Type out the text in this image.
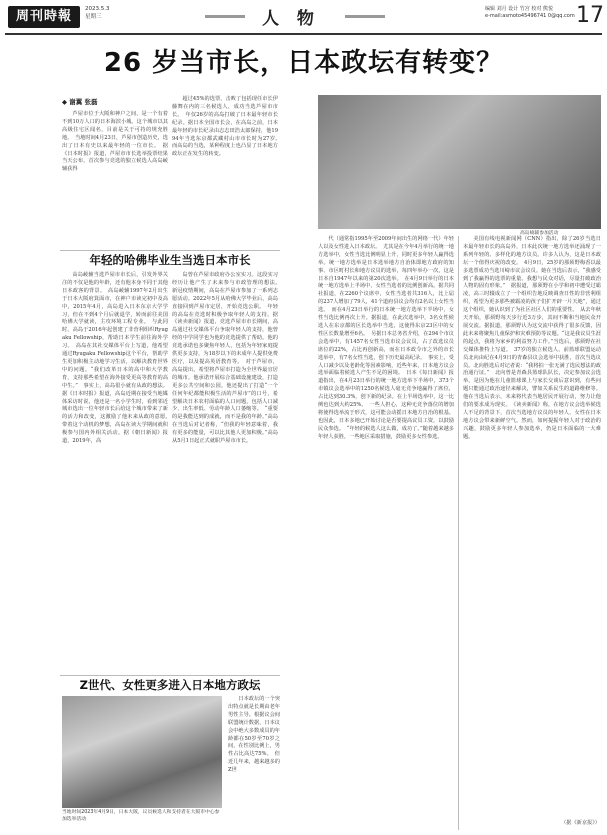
周刊時報	2023.5.3
星期三	人 物	编辑 刘月 设计 竹宫 校对 熊悦
e-mail:asmoto45496741 0@qq.com 17
26 岁当市长，日本政坛有转变？
◆ 谢翼 张磊

芦屋市位于大阪和神户之间，是一个有着不到10万人口的日本海滨小城。这个城市以其高级住宅区闻名，目前是关于可持的规充胜地。　当地时间4月23日，芦屋市创造历史，选出了日本有史以来最年轻的一位市长。　据《日本时报》报道，芦屋市市长选举投票结果当天公布，首次参与竞选的独立候选人高岛崚辅获得

超过45%的选票，击败了包括现任市长伊藤舞在内的三名候选人，成功当选芦屋市市长。　年仅26岁的高岛打破了日本最年轻市长纪录。据日本全国市长会，在高岛之前，日本最年轻的市长纪录由志志田浩太郎保持，他1994年当选东京都武藏村山市市长时为27岁。　而高岛的当选，某种程度上也凸显了日本地方政坛正在发生的转变。

高岛崚辅参加活动
年轻的哈佛毕业生当选日本市长

高岛崚辅当选芦屋市市长后，引发外界关注的不仅是他的年龄，还有他本身不同于其他日本政客的背景。　高岛崚辅1997年2月出生于日本大阪府箕面市，在神户市读完初中及高中，2015年4月，高岛进入日本东京大学学习，但在不到4个月后就退学，转而前往美国哈佛大学就读，主攻环境工程专业。　与此同时，高岛于2016年起创建了非营利组织Ryugaku Fellowship，帮助日本学生前往海外学习。　高岛在其社交媒体平台上写道，他希望通过Ryugaku Fellowship这个平台，帮助学生更加积极主动地学习生活，以解决教育世界中的问题。“我们改革日本的高中和大学教育，支持那些希望在海外接受更高等教育的高中生。”　事实上，高岛很小就有从政的想法。据《日本时报》报道，高岛近期在接受当地媒体采访时说，他还是一名小学生时，看到邻近城市选出一位年轻市长后给这个城市带来了新的活力和改变，这激励了他未来从政的意愿。　带着这个动机的梦想，高岛在读大学期间就积极参与国内外相关活动。据《朝日新闻》报道，2019年，高

岛曾在芦屋市政府办公室实习。这段实习经历让他产生了未来参与市政管理的想法。　新冠疫情期间，高岛在芦屋市参加了一系列志愿活动。2022年5月从哈佛大学毕业后，高岛直接回到芦屋市定居，开始竞选公职。　年轻的高岛在竞选时积极争取年轻人的支持。据《读卖新闻》报道，竞选芦屋市市长期间，高岛通过社交媒体平台争取年轻人的支持，他曾经的中学同学也为他的竞选提供了帮助。他的竞选承诺也多聚焦年轻人，包括为年轻家庭提供更多支持，为18岁以下的未成年人提供免费医疗，以及提高英语教育等。　对于芦屋市，高岛提出，希望将芦屋市打造为全世界最宜居的城市。他承诺开展综合基础设施建设，打造更多公共空间和公园。他还提出了打造“一个任何年纪都能积极生活的芦屋市”的口号，希望解决日本农村面临的人口问题，包括人口减少、出生率低、劳动年龄人口萎缩等。　“重要的是我能达到的成就，而不是我的年龄。”高岛在当选后对记者称，“但我的年轻意味着，我有更多的能量，可以比其他人更加积极。”高岛从5月1日起正式就职芦屋市市长。

Z世代、女性更多进入日本地方政坛
当地时间2023年4月9日，日本大阪，议员候选人和支持者在大阪市中心参加选举活动

日本政坛的一个突出特点就是长期由老年男性主导。根据议会间联盟统计数据，日本议会中绝大多数成员的年龄都在50岁至70岁之间，在性别比例上，男性占比高达75%。　但近几年来，越来越多的Z世

代（通常指1995年至2009年间出生的网络一代）年轻人以及女性进入日本政坛。　尤其是在今年4月举行的统一地方选举中，女性当选比例明显上升，同时更多年轻人赢得选举。统一地方选举是日本选举地方自治体即地方政府的知事、市区町村长和地方议员的选举，每四年举办一次，这是日本自1947年以来的第20次选举。　在4月9日举行的日本统一地方选举上半场中，女性当选者的比例创新高。据共同社报道，在2260个议席中，女性当选者共316人，比上届的237人增加了79人，41个道府县议会均有2名以上女性当选。　而在4月23日举行的日本统一地方选举下半场中，女性当选比例再次上升。据报道，在此次选举中，3名女性候选人在东京都的区长选举中当选，这使得东京23区中的女性区长数量增至6名。　另据日本总务省介绍，在294个市议会选举中，有1457名女性当选市议会议员，占了改选议员席位的22%，占比再创新高，而在日本政令市之外的市长选举中，有7名女性当选，创下历史最高纪录。　事实上，受人口减少以及老龄化等因素影响，近些年来，日本地方议会选举面临着候选人产生不足的困境。　日本《每日新闻》报道指出，在4月23日举行的统一地方选举下半场中，373个市镇议会选举中的1250名候选人毫无竞争地赢得了席位，占比达到30.3%，创下新的纪录。在上半场选举中，这一比例也达到大约25%。　一些人担心，这种无竞争落位的增加将使得选举流于形式，这可能会动摇日本地方自治的根基。也因此，日本多地已开始讨论是否要提高议员工资，以鼓励民众参选。　“年轻的候选人这么做，成功了。”随着越来越多年轻人获胜，一些地区采取措施，鼓励更多女性参选。

美国有线电视新闻网（CNN）指出，除了26岁当选日本最年轻市长的高岛外，日本此次统一地方选举还涌现了一系列年轻的、多样化的地方议员。许多人认为，这是日本政坛一个值得庆祝的改变。　4月9日，25岁的那须野梅香以最多选票成功当选川崎市议会议员。她在当选后表示，“我感受到了我赢得的选票的重量。我想与民众对话，尽量打破政治人物的固有形象。”　据报道，那须野在小学和初中遭受过霸凌，高三时辍成立了一个组织告地反映调查日性的非营利组织，希望为更多那些被霸凌的孩子们扩开辟一片天地”，通过这个组织，她认识到了为社区社区人们的重要性。　从去年秋天开始，那须野每天步行近3万步，其间不断和当地民众开展交流。据报道，那须野认为这交流中获得了很多反馈，因此未来将聚焦儿童保护和灾难预防等议题。“这是我议员生涯的起点，我将为家乡的利益努力工作。”当选后，那须野在社交媒体推特上写道。　37岁的独立候选人、前篮球联盟运动员北向由纪在4月9日的青森县议会选举中获胜，首次当选议员。北向胜选后对记者说：“我将拍一张无满了选民想法的政治通行证。”　北向曾是青森县篮球队队长，决定参加议会选举，是因为他在儿童篮球课上与家长交谈后意识到，有些问题只能通过政治途径来解决，譬如关系民生的道路维修等。他在当选后表示，未来将代表当地居民开展行动，努力让他们的要求成为现实。　《读卖新闻》称，在地方议会选举候选人不足的背景下，首次当选地方议员的年轻人、女性在日本地方议会带来新鲜空气。然而，如何提振年轻人对于政治的兴趣，鼓励更多年轻人参加选举，仍是日本面临的一大难题。

（据《新京报》）
